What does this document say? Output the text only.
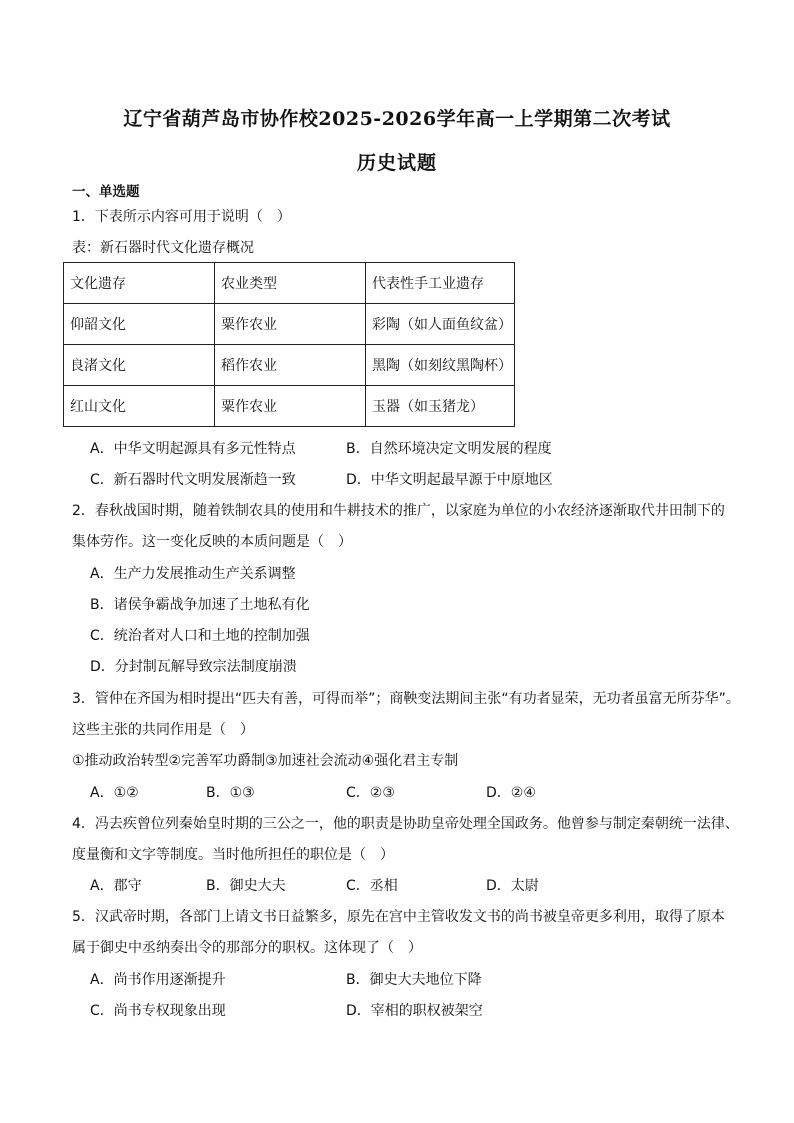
辽宁省葫芦岛市协作校2025-2026学年高一上学期第二次考试
历史试题
一、单选题
1．下表所示内容可用于说明（　）
表：新石器时代文化遗存概况
文化遗存	农业类型	代表性手工业遗存
仰韶文化	粟作农业	彩陶（如人面鱼纹盆）
良渚文化	稻作农业	黑陶（如刻纹黑陶杯）
红山文化	粟作农业	玉器（如玉猪龙）
A．中华文明起源具有多元性特点	B．自然环境决定文明发展的程度
C．新石器时代文明发展渐趋一致	D．中华文明起最早源于中原地区
2．春秋战国时期，随着铁制农具的使用和牛耕技术的推广，以家庭为单位的小农经济逐渐取代井田制下的
集体劳作。这一变化反映的本质问题是（　）
A．生产力发展推动生产关系调整
B．诸侯争霸战争加速了土地私有化
C．统治者对人口和土地的控制加强
D．分封制瓦解导致宗法制度崩溃
3．管仲在齐国为相时提出“匹夫有善，可得而举”；商鞅变法期间主张“有功者显荣，无功者虽富无所芬华”。
这些主张的共同作用是（　）
①推动政治转型②完善军功爵制③加速社会流动④强化君主专制
A．①②	B．①③	C．②③	D．②④
4．冯去疾曾位列秦始皇时期的三公之一，他的职责是协助皇帝处理全国政务。他曾参与制定秦朝统一法律、
度量衡和文字等制度。当时他所担任的职位是（　）
A．郡守	B．御史大夫	C．丞相	D．太尉
5．汉武帝时期，各部门上请文书日益繁多，原先在宫中主管收发文书的尚书被皇帝更多利用，取得了原本
属于御史中丞纳奏出令的那部分的职权。这体现了（　）
A．尚书作用逐渐提升	B．御史大夫地位下降
C．尚书专权现象出现	D．宰相的职权被架空
